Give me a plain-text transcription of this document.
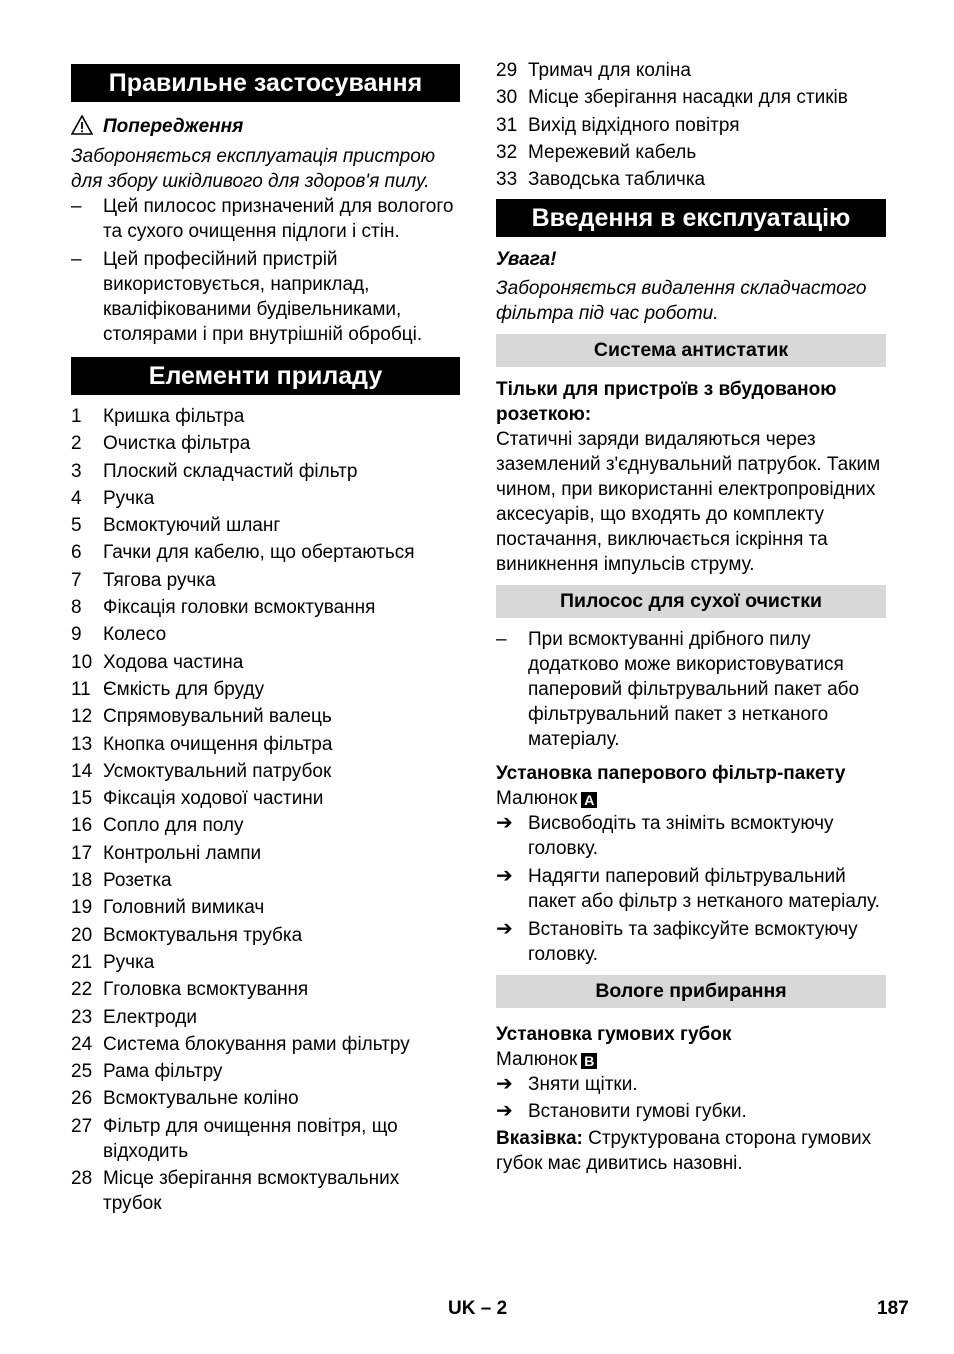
Правильне застосування

Попередження

Забороняється експлуатація пристрою для збору шкідливого для здоров'я пилу.

–	Цей пилосос призначений для вологого та сухого очищення підлоги і стін.
–	Цей професійний пристрій використовується, наприклад, кваліфікованими будівельниками, столярами і при внутрішній обробці.
Елементи приладу
1	Кришка фільтра
2	Очистка фільтра
3	Плоский складчастий фільтр
4	Ручка
5	Всмоктуючий шланг
6	Гачки для кабелю, що обертаються
7	Тягова ручка
8	Фіксація головки всмоктування
9	Колесо
10 Ходова частина
11 Ємкість для бруду
12 Спрямовувальний валець
13 Кнопка очищення фільтра
14 Усмоктувальний патрубок
15 Фіксація ходової частини
16 Сопло для полу
17 Контрольні лампи
18 Розетка
19 Головний вимикач
20 Всмоктувальня трубка
21 Ручка
22 Гголовка всмоктування
23 Електроди
24 Система блокування рами фільтру
25 Рама фільтру
26 Всмоктувальне коліно
27 Фільтр для очищення повітря, що відходить
28 Місце зберігання всмоктувальних трубок
29 Тримач для коліна
30 Місце зберігання насадки для стиків
31 Вихід відхідного повітря
32 Мережевий кабель
33 Заводська табличка
Введення в експлуатацію

Увага!

Забороняється видалення складчастого фільтра під час роботи.

Система антистатик

Тільки для пристроїв з вбудованою розеткою:

Статичні заряди видаляються через заземлений з'єднувальний патрубок. Таким чином, при використанні електропровідних аксесуарів, що входять до комплекту постачання, виключається іскріння та виникнення імпульсів струму.

Пилосос для сухої очистки
–	При всмоктуванні дрібного пилу додатково може використовуватися паперовий фільтрувальний пакет або фільтрувальний пакет з нетканого матеріалу.

Установка паперового фільтр-пакету

Малюнок A

➔ Висвободіть та зніміть всмоктуючу головку.
➔ Надягти паперовий фільтрувальний пакет або фільтр з нетканого матеріалу.
➔ Встановіть та зафіксуйте всмоктуючу головку.
Вологе прибирання

Установка гумових губок

Малюнок B

➔ Зняти щітки.
➔ Встановити гумові губки.

Вказівка: Структурована сторона гумових губок має дивитись назовні.

UK – 2	187
